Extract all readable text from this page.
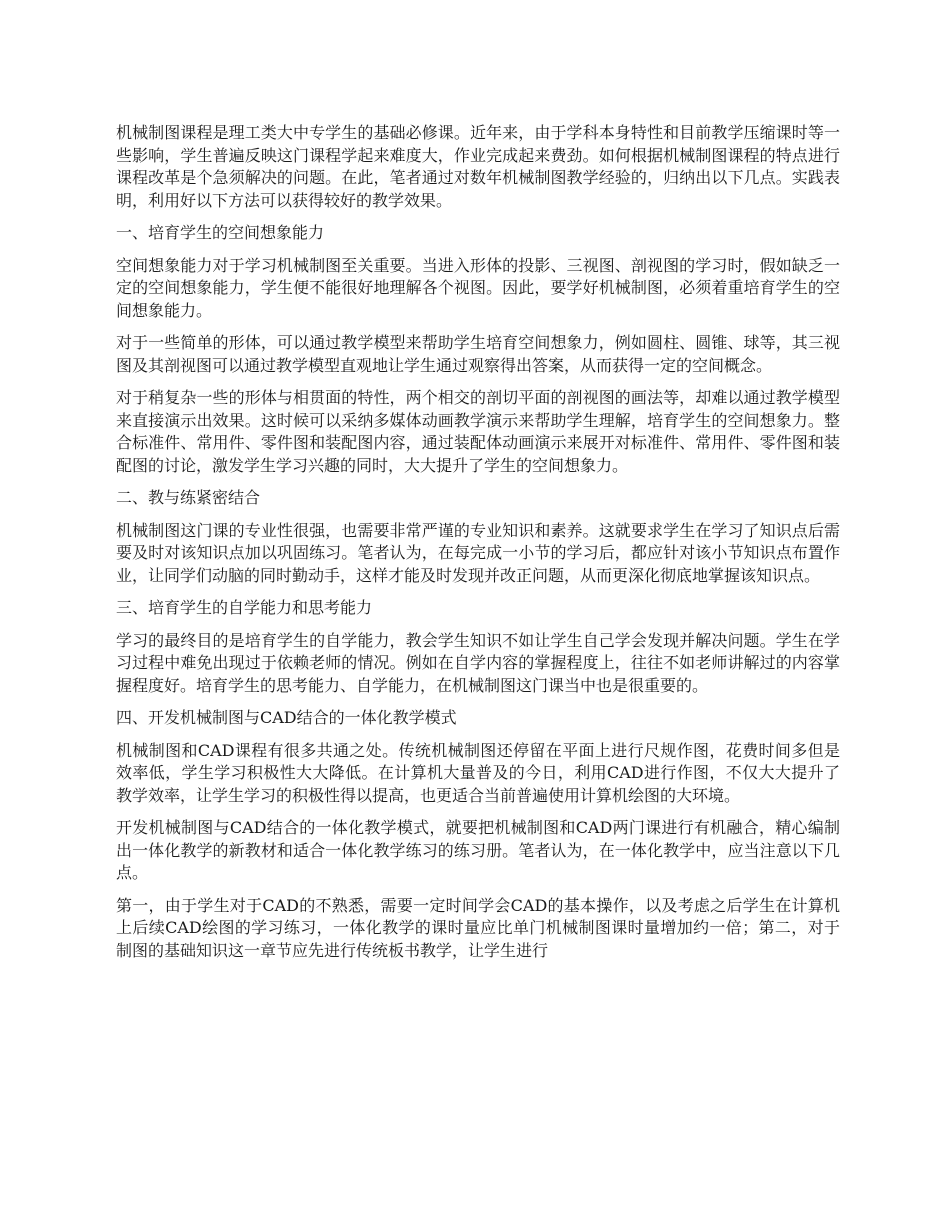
机械制图课程是理工类大中专学生的基础必修课。近年来，由于学科本身特性和目前教学压缩课时等一些影响，学生普遍反映这门课程学起来难度大，作业完成起来费劲。如何根据机械制图课程的特点进行课程改革是个急须解决的问题。在此，笔者通过对数年机械制图教学经验的，归纳出以下几点。实践表明，利用好以下方法可以获得较好的教学效果。

一、培育学生的空间想象能力

空间想象能力对于学习机械制图至关重要。当进入形体的投影、三视图、剖视图的学习时，假如缺乏一定的空间想象能力，学生便不能很好地理解各个视图。因此，要学好机械制图，必须着重培育学生的空间想象能力。

对于一些简单的形体，可以通过教学模型来帮助学生培育空间想象力，例如圆柱、圆锥、球等，其三视图及其剖视图可以通过教学模型直观地让学生通过观察得出答案，从而获得一定的空间概念。

对于稍复杂一些的形体与相贯面的特性，两个相交的剖切平面的剖视图的画法等，却难以通过教学模型来直接演示出效果。这时候可以采纳多媒体动画教学演示来帮助学生理解，培育学生的空间想象力。整合标准件、常用件、零件图和装配图内容，通过装配体动画演示来展开对标准件、常用件、零件图和装配图的讨论，激发学生学习兴趣的同时，大大提升了学生的空间想象力。

二、教与练紧密结合

机械制图这门课的专业性很强，也需要非常严谨的专业知识和素养。这就要求学生在学习了知识点后需要及时对该知识点加以巩固练习。笔者认为，在每完成一小节的学习后，都应针对该小节知识点布置作业，让同学们动脑的同时勤动手，这样才能及时发现并改正问题，从而更深化彻底地掌握该知识点。

三、培育学生的自学能力和思考能力

学习的最终目的是培育学生的自学能力，教会学生知识不如让学生自己学会发现并解决问题。学生在学习过程中难免出现过于依赖老师的情况。例如在自学内容的掌握程度上，往往不如老师讲解过的内容掌握程度好。培育学生的思考能力、自学能力，在机械制图这门课当中也是很重要的。

四、开发机械制图与CAD结合的一体化教学模式

机械制图和CAD课程有很多共通之处。传统机械制图还停留在平面上进行尺规作图，花费时间多但是效率低，学生学习积极性大大降低。在计算机大量普及的今日，利用CAD进行作图，不仅大大提升了教学效率，让学生学习的积极性得以提高，也更适合当前普遍使用计算机绘图的大环境。

开发机械制图与CAD结合的一体化教学模式，就要把机械制图和CAD两门课进行有机融合，精心编制出一体化教学的新教材和适合一体化教学练习的练习册。笔者认为，在一体化教学中，应当注意以下几点。

第一，由于学生对于CAD的不熟悉，需要一定时间学会CAD的基本操作，以及考虑之后学生在计算机上后续CAD绘图的学习练习，一体化教学的课时量应比单门机械制图课时量增加约一倍；第二，对于制图的基础知识这一章节应先进行传统板书教学，让学生进行
